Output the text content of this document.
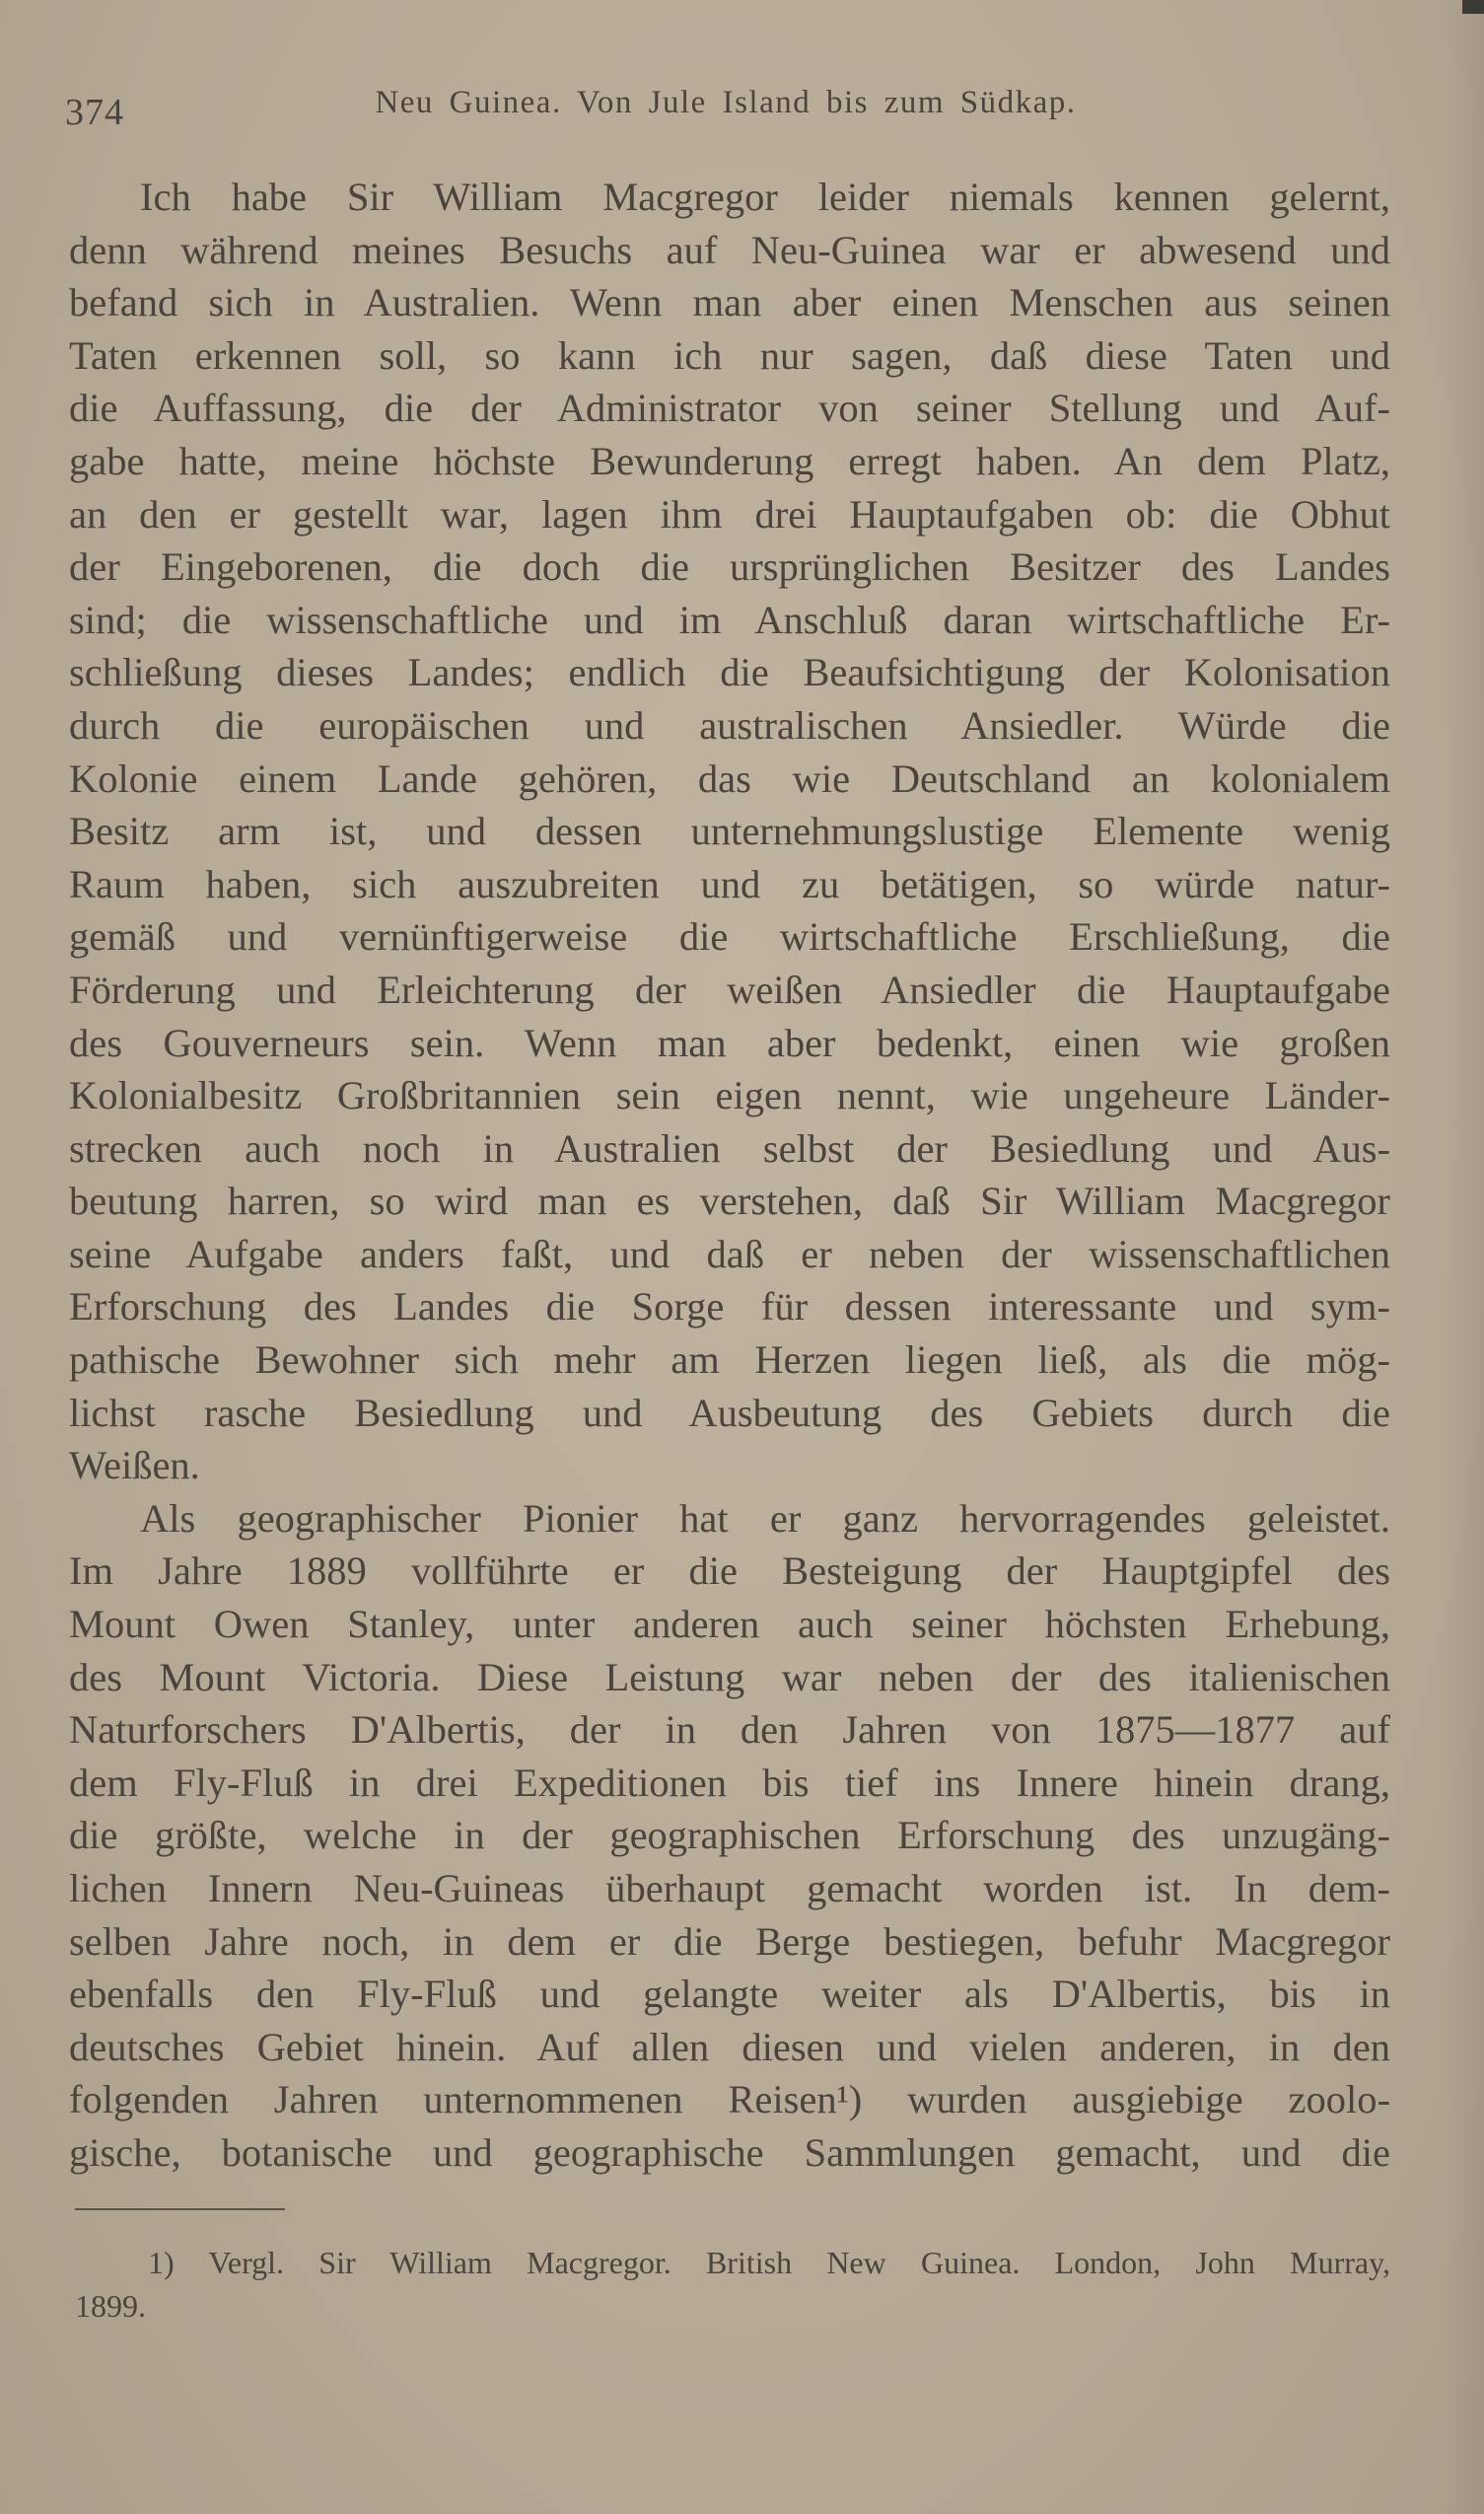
374	Neu Guinea. Von Jule Island bis zum Südkap.
Ich habe Sir William Macgregor leider niemals kennen gelernt,
denn während meines Besuchs auf Neu-Guinea war er abwesend und
befand sich in Australien. Wenn man aber einen Menschen aus seinen
Taten erkennen soll, so kann ich nur sagen, daß diese Taten und
die Auffassung, die der Administrator von seiner Stellung und Auf-
gabe hatte, meine höchste Bewunderung erregt haben. An dem Platz,
an den er gestellt war, lagen ihm drei Hauptaufgaben ob: die Obhut
der Eingeborenen, die doch die ursprünglichen Besitzer des Landes
sind; die wissenschaftliche und im Anschluß daran wirtschaftliche Er-
schließung dieses Landes; endlich die Beaufsichtigung der Kolonisation
durch die europäischen und australischen Ansiedler. Würde die
Kolonie einem Lande gehören, das wie Deutschland an kolonialem
Besitz arm ist, und dessen unternehmungslustige Elemente wenig
Raum haben, sich auszubreiten und zu betätigen, so würde natur-
gemäß und vernünftigerweise die wirtschaftliche Erschließung, die
Förderung und Erleichterung der weißen Ansiedler die Hauptaufgabe
des Gouverneurs sein. Wenn man aber bedenkt, einen wie großen
Kolonialbesitz Großbritannien sein eigen nennt, wie ungeheure Länder-
strecken auch noch in Australien selbst der Besiedlung und Aus-
beutung harren, so wird man es verstehen, daß Sir William Macgregor
seine Aufgabe anders faßt, und daß er neben der wissenschaftlichen
Erforschung des Landes die Sorge für dessen interessante und sym-
pathische Bewohner sich mehr am Herzen liegen ließ, als die mög-
lichst rasche Besiedlung und Ausbeutung des Gebiets durch die
Weißen.
Als geographischer Pionier hat er ganz hervorragendes geleistet.
Im Jahre 1889 vollführte er die Besteigung der Hauptgipfel des
Mount Owen Stanley, unter anderen auch seiner höchsten Erhebung,
des Mount Victoria. Diese Leistung war neben der des italienischen
Naturforschers D'Albertis, der in den Jahren von 1875—1877 auf
dem Fly-Fluß in drei Expeditionen bis tief ins Innere hinein drang,
die größte, welche in der geographischen Erforschung des unzugäng-
lichen Innern Neu-Guineas überhaupt gemacht worden ist. In dem-
selben Jahre noch, in dem er die Berge bestiegen, befuhr Macgregor
ebenfalls den Fly-Fluß und gelangte weiter als D'Albertis, bis in
deutsches Gebiet hinein. Auf allen diesen und vielen anderen, in den
folgenden Jahren unternommenen Reisen¹) wurden ausgiebige zoolo-
gische, botanische und geographische Sammlungen gemacht, und die
1) Vergl. Sir William Macgregor. British New Guinea. London, John Murray,
1899.
